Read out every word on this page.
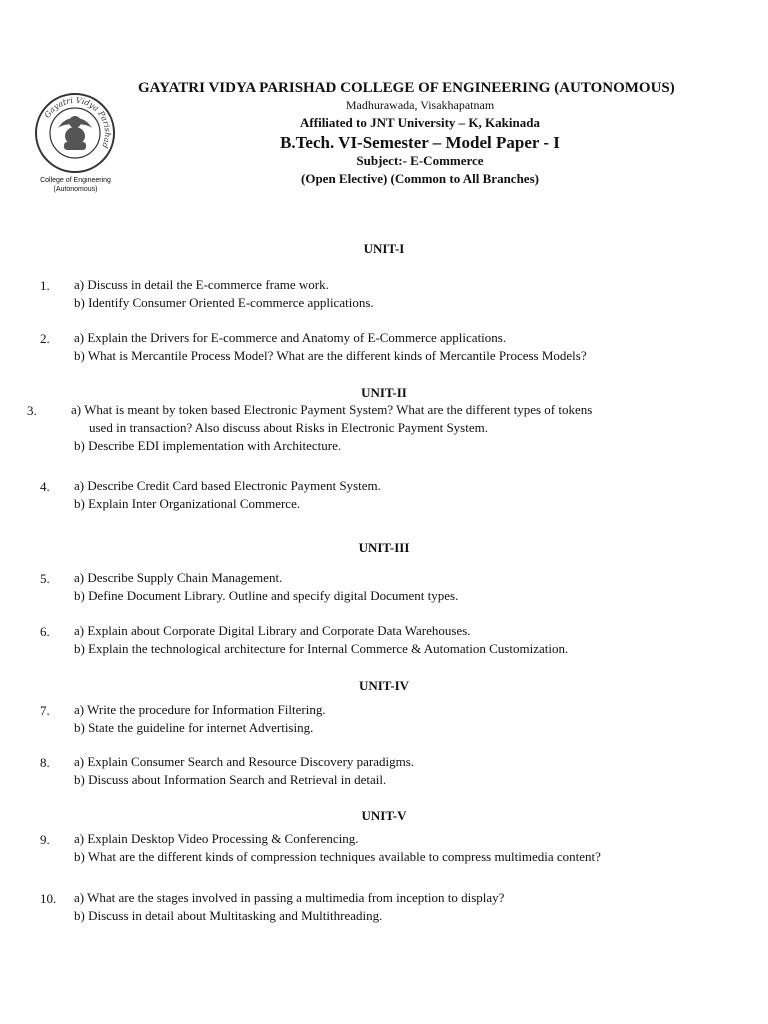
Gayatri Vidya Parishad
College of Engineering
(Autonomous)
GAYATRI VIDYA PARISHAD COLLEGE OF ENGINEERING (AUTONOMOUS)
Madhurawada, Visakhapatnam
Affiliated to JNT University – K, Kakinada
B.Tech. VI-Semester – Model Paper - I
Subject:- E-Commerce
(Open Elective) (Common to All Branches)
UNIT-I
1. a) Discuss in detail the E-commerce frame work.
b) Identify Consumer Oriented E-commerce applications.
2. a) Explain the Drivers for E-commerce and Anatomy of E-Commerce applications.
b) What is Mercantile Process Model? What are the different kinds of Mercantile Process Models?
UNIT-II
3.	a) What is meant by token based Electronic Payment System? What are the different types of tokens
used in transaction? Also discuss about Risks in Electronic Payment System.
b) Describe EDI implementation with Architecture.
4. a) Describe Credit Card based Electronic Payment System.
b) Explain Inter Organizational Commerce.
UNIT-III
5. a) Describe Supply Chain Management.
b) Define Document Library. Outline and specify digital Document types.
6. a) Explain about Corporate Digital Library and Corporate Data Warehouses.
b) Explain the technological architecture for Internal Commerce & Automation Customization.
UNIT-IV
7. a) Write the procedure for Information Filtering.
b) State the guideline for internet Advertising.
8. a) Explain Consumer Search and Resource Discovery paradigms.
b) Discuss about Information Search and Retrieval in detail.
UNIT-V
9. a) Explain Desktop Video Processing & Conferencing.
b) What are the different kinds of compression techniques available to compress multimedia content?
10. a) What are the stages involved in passing a multimedia from inception to display?
b) Discuss in detail about Multitasking and Multithreading.
